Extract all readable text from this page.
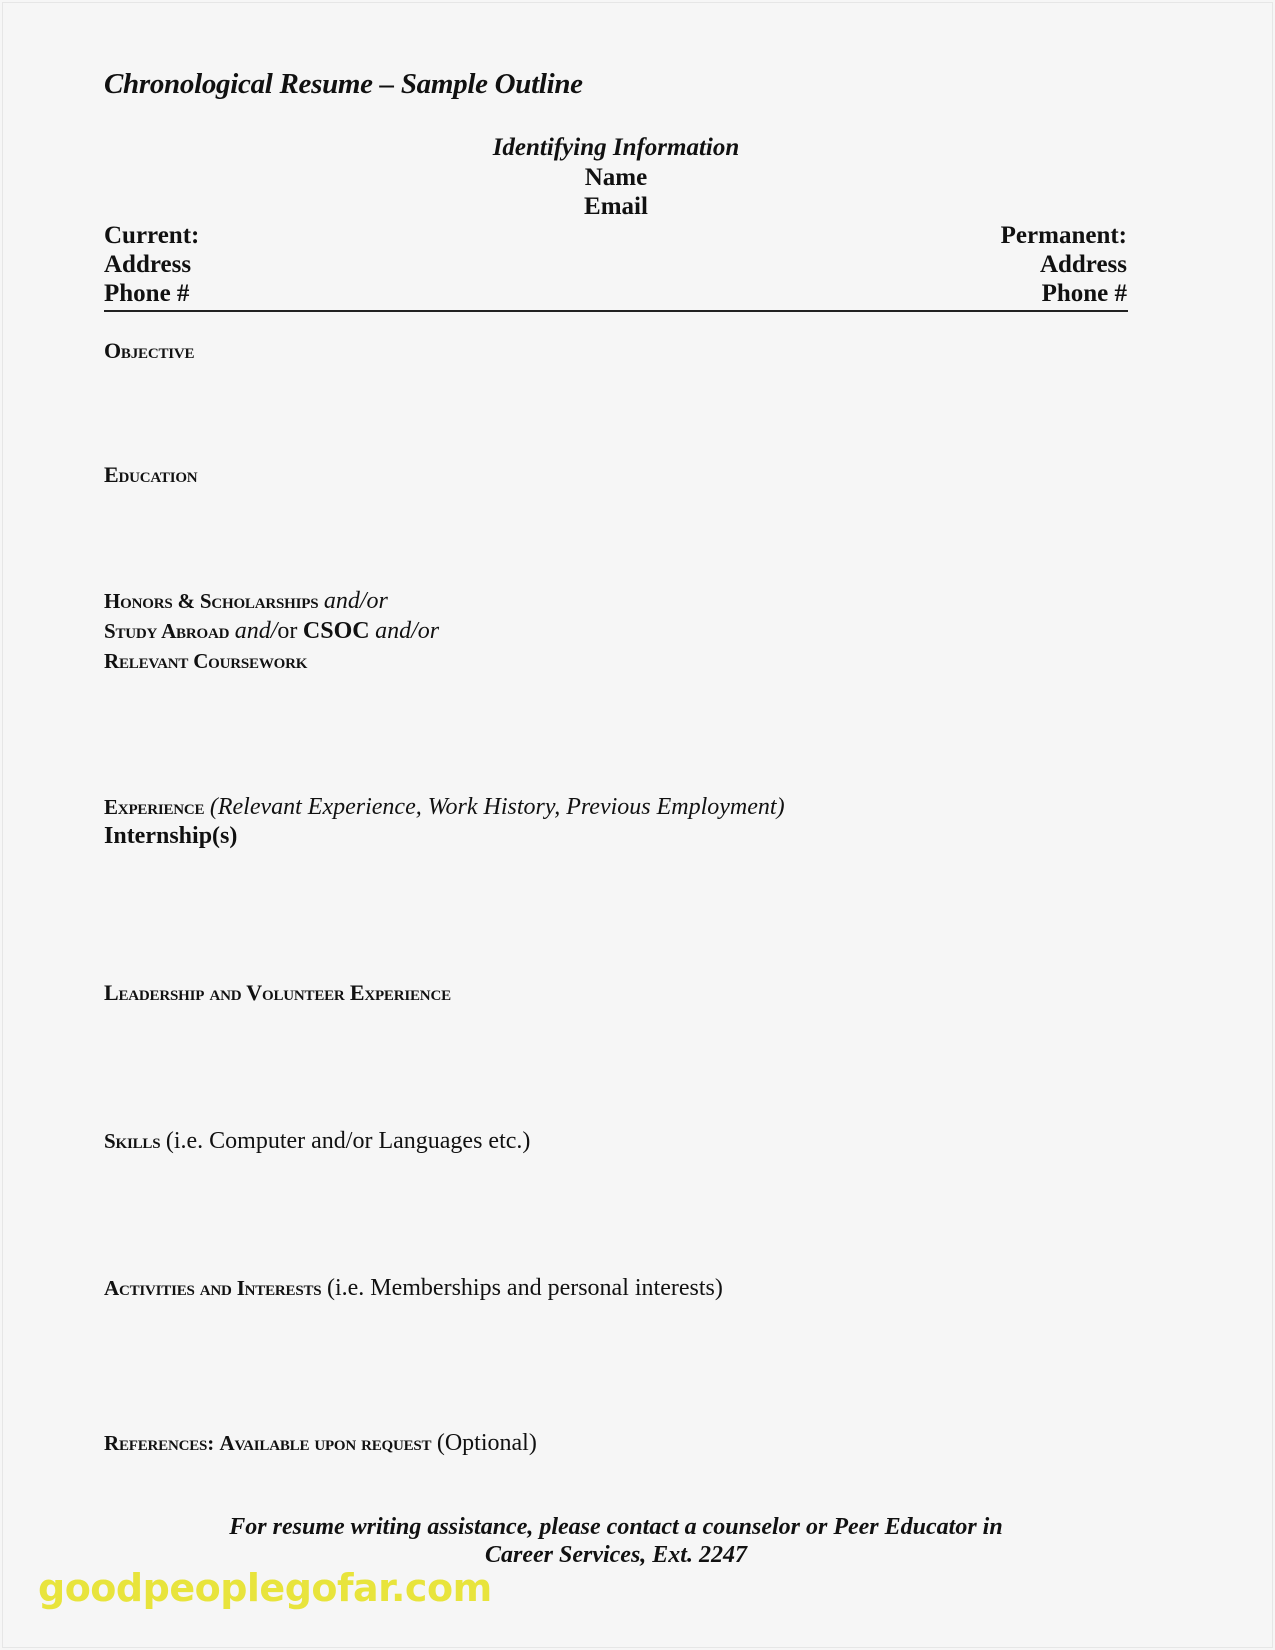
Chronological Resume – Sample Outline
Identifying Information
Name
Email
Current:
Address
Phone #
Permanent:
Address
Phone #
Objective
Education
Honors & Scholarships and/or
Study Abroad and/or CSOC and/or
Relevant Coursework
Experience (Relevant Experience, Work History, Previous Employment)
Internship(s)
Leadership and Volunteer Experience
Skills (i.e. Computer and/or Languages etc.)
Activities and Interests (i.e. Memberships and personal interests)
References: Available upon request (Optional)
For resume writing assistance, please contact a counselor or Peer Educator in
Career Services, Ext. 2247
goodpeoplegofar.com
